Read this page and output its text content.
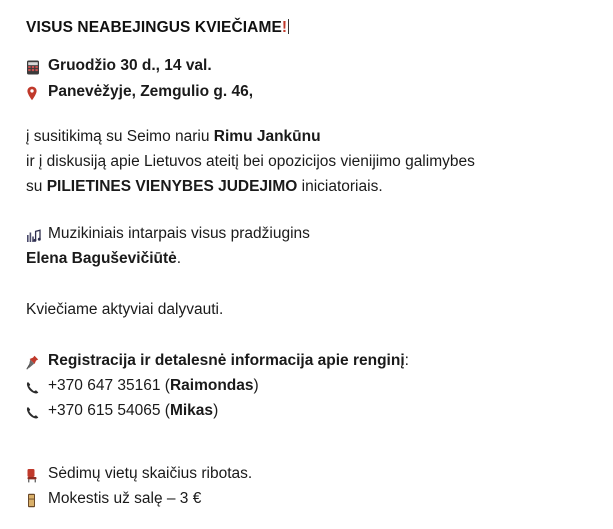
VISUS NEABEJINGUS KVIEČIAME!
Gruodžio 30 d., 14 val.
Panevėžyje, Zemgulio g. 46,
į susitikimą su Seimo nariu Rimu Jankūnu
ir į diskusiją apie Lietuvos ateitį bei opozicijos vienijimo galimybes
su PILIETINES VIENYBES JUDEJIMO iniciatoriais.
Muzikiniais intarpais visus pradžiugins
Elena Baguševičiūtė.
Kviečiame aktyviai dalyvauti.
Registracija ir detalesnė informacija apie renginį:
+370 647 35161 (Raimondas)
+370 615 54065 (Mikas)
Sėdimų vietų skaičius ribotas.
Mokestis už salę – 3 €
